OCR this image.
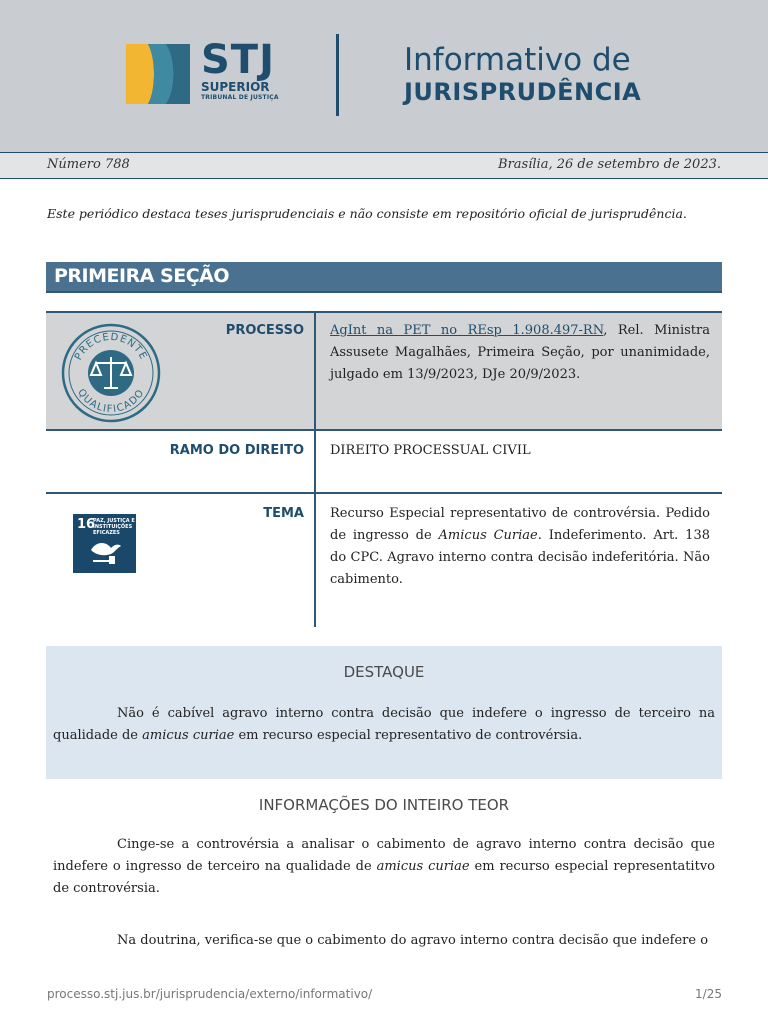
STJ
SUPERIOR
TRIBUNAL DE JUSTIÇA
Informativo de
JURISPRUDÊNCIA
Número 788	Brasília, 26 de setembro de 2023.
Este periódico destaca teses jurisprudenciais e não consiste em repositório oficial de jurisprudência.
PRIMEIRA SEÇÃO
PRECEDENTE
QUALIFICADO
PROCESSO AgInt na PET no REsp 1.908.497-RN, Rel. Ministra Assusete Magalhães, Primeira Seção, por unanimidade, julgado em 13/9/2023, DJe 20/9/2023.
RAMO DO DIREITO DIREITO PROCESSUAL CIVIL
16
PAZ, JUSTIÇA E INSTITUIÇÕES EFICAZES
TEMA Recurso Especial representativo de controvérsia. Pedido de ingresso de Amicus Curiae. Indeferimento. Art. 138 do CPC. Agravo interno contra decisão indeferitória. Não cabimento.
DESTAQUE
Não é cabível agravo interno contra decisão que indefere o ingresso de terceiro na qualidade de amicus curiae em recurso especial representativo de controvérsia.
INFORMAÇÕES DO INTEIRO TEOR
Cinge-se a controvérsia a analisar o cabimento de agravo interno contra decisão que indefere o ingresso de terceiro na qualidade de amicus curiae em recurso especial representatitvo de controvérsia.
Na doutrina, verifica-se que o cabimento do agravo interno contra decisão que indefere o
processo.stj.jus.br/jurisprudencia/externo/informativo/	1/25
